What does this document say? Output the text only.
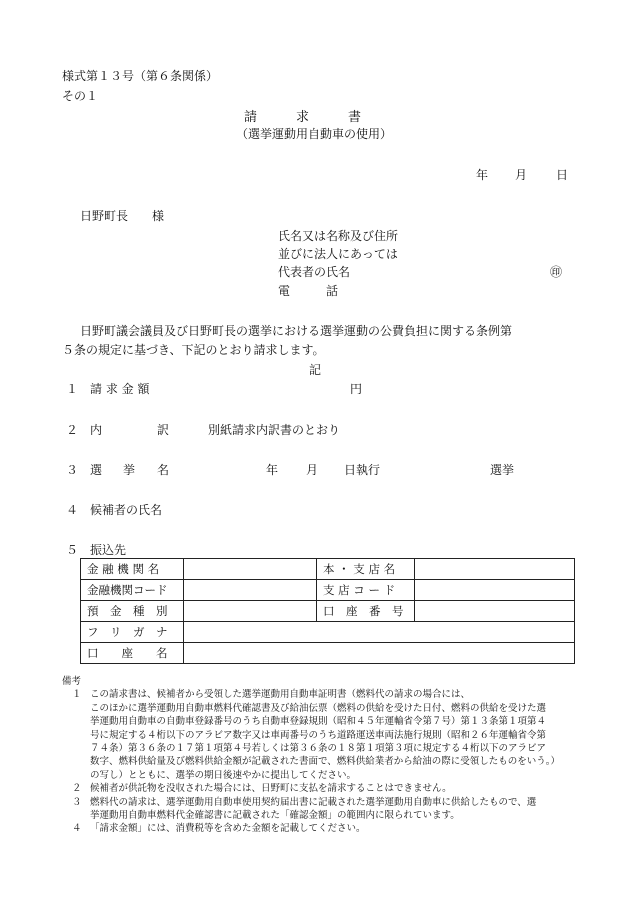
様式第１３号（第６条関係）
その１
請　　　求　　　書
（選挙運動用自動車の使用）
年 月 日
日野町長　　様
氏名又は名称及び住所
並びに法人にあっては
代表者の氏名	㊞
電　　　話
日野町議会議員及び日野町長の選挙における選挙運動の公費負担に関する条例第
５条の規定に基づき、下記のとおり請求します。
記
１ 請 求 金 額	円
２ 内	訳	別紙請求内訳書のとおり
３ 選 挙 名	年 月 日執行	選挙
４ 候補者の氏名
５ 振込先
金 融 機 関 名		本 ・ 支 店 名	
金融機関コード		支 店 コ ー ド	
預　金　種　別		口　座　番　号	
フ　リ　ガ　ナ			
口　　座　　名			
備考
１ この請求書は、候補者から受領した選挙運動用自動車証明書（燃料代の請求の場合には、
このほかに選挙運動用自動車燃料代確認書及び給油伝票（燃料の供給を受けた日付、燃料の供給を受けた選
挙運動用自動車の自動車登録番号のうち自動車登録規則（昭和４５年運輸省令第７号）第１３条第１項第４
号に規定する４桁以下のアラビア数字又は車両番号のうち道路運送車両法施行規則（昭和２６年運輸省令第
７４条）第３６条の１７第１項第４号若しくは第３６条の１８第１項第３項に規定する４桁以下のアラビア
数字、燃料供給量及び燃料供給金額が記載された書面で、燃料供給業者から給油の際に受領したものをいう。）
の写し）とともに、選挙の期日後速やかに提出してください。
２ 候補者が供託物を没収された場合には、日野町に支払を請求することはできません。
３ 燃料代の請求は、選挙運動用自動車使用契約届出書に記載された選挙運動用自動車に供給したもので、選
挙運動用自動車燃料代金確認書に記載された「確認金額」の範囲内に限られています。
４ 「請求金額」には、消費税等を含めた金額を記載してください。
